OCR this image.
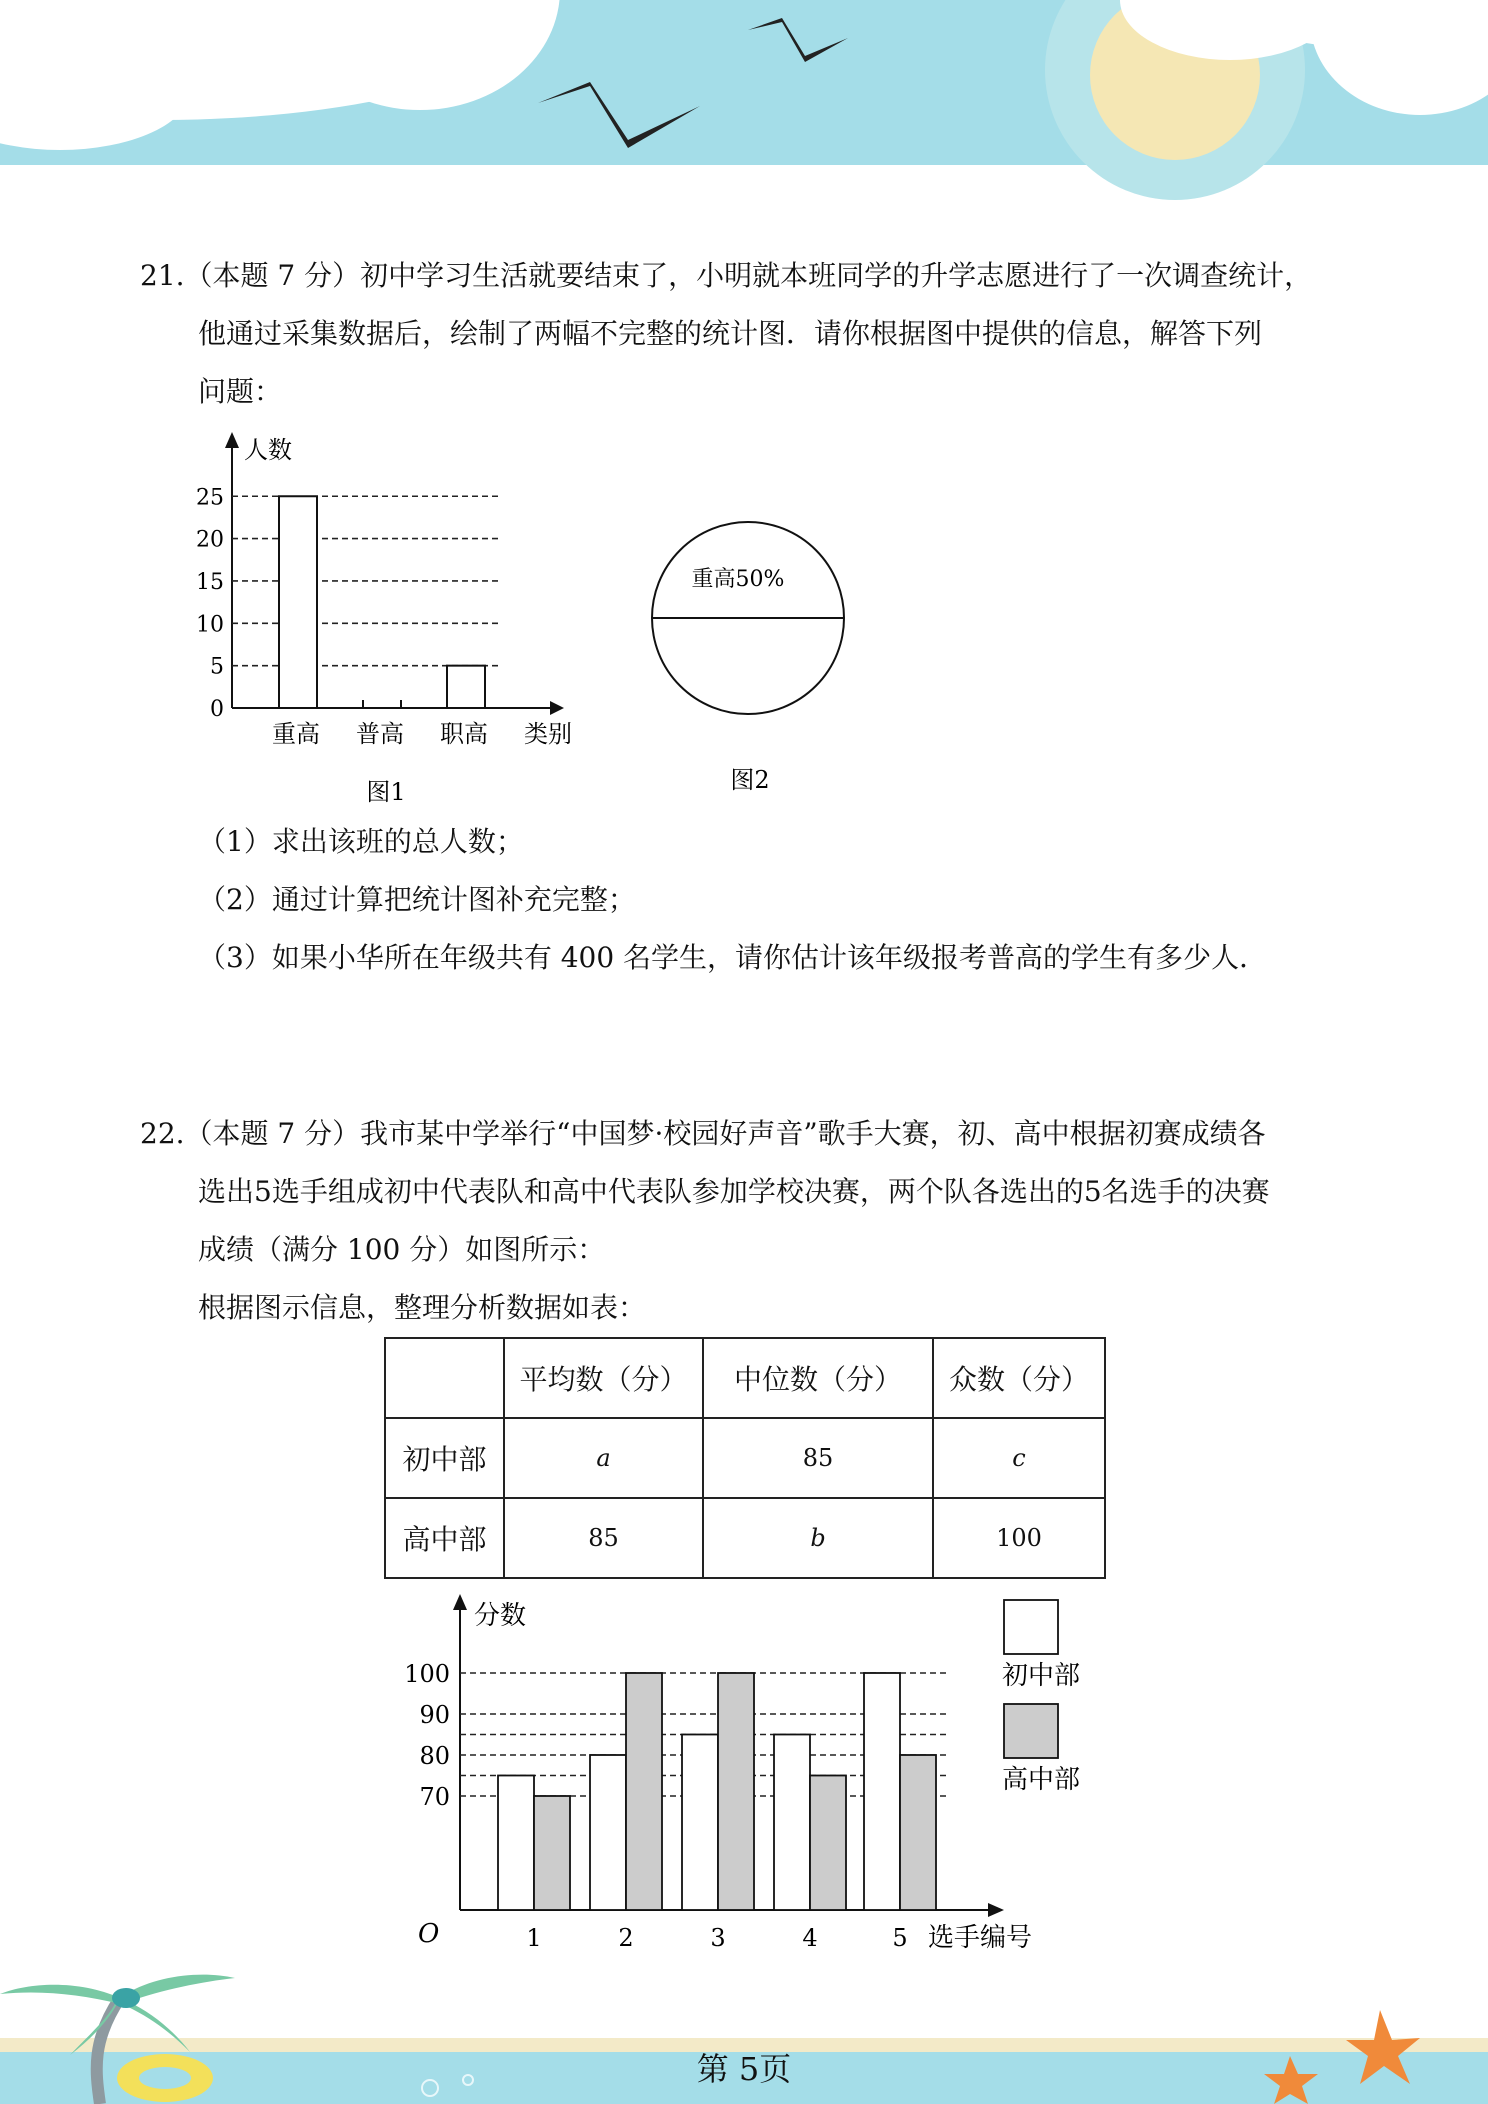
21.（本题 7 分）初中学习生活就要结束了，小明就本班同学的升学志愿进行了一次调查统计，
他通过采集数据后，绘制了两幅不完整的统计图．请你根据图中提供的信息，解答下列
问题：
人数
0
5
10
15
20
25
重高 普高 职高 类别
图1
重高50%
图2
（1）求出该班的总人数；
（2）通过计算把统计图补充完整；
（3）如果小华所在年级共有 400 名学生，请你估计该年级报考普高的学生有多少人．
22.（本题 7 分）我市某中学举行“中国梦·校园好声音”歌手大赛，初、高中根据初赛成绩各
选出5选手组成初中代表队和高中代表队参加学校决赛，两个队各选出的5名选手的决赛
成绩（满分 100 分）如图所示：
根据图示信息，整理分析数据如表：
	平均数（分）	中位数（分）	众数（分）
初中部	a	85	c
高中部	85	b	100
分数
O
70
80
90
100
1	2	3	4	5 选手编号
初中部
高中部
第 5页
